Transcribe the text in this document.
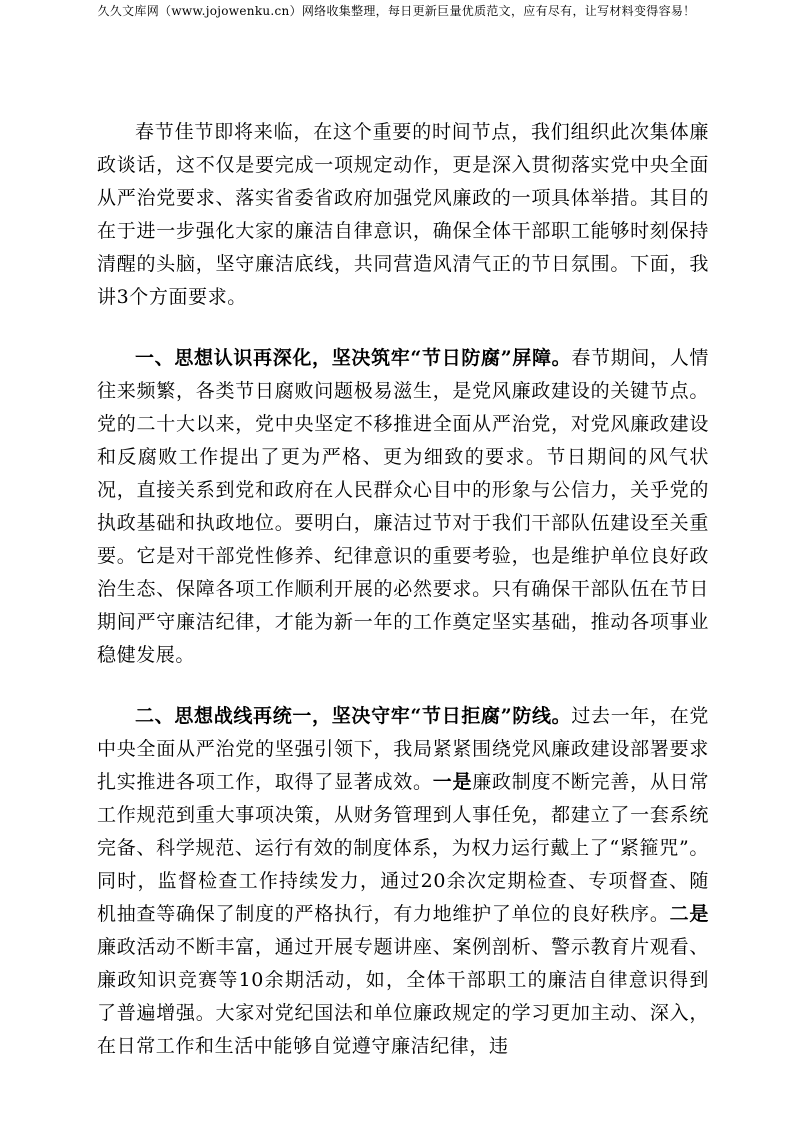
久久文库网（www.jojowenku.cn）网络收集整理，每日更新巨量优质范文，应有尽有，让写材料变得容易！

春节佳节即将来临，在这个重要的时间节点，我们组织此次集体廉政谈话，这不仅是要完成一项规定动作，更是深入贯彻落实党中央全面从严治党要求、落实省委省政府加强党风廉政的一项具体举措。其目的在于进一步强化大家的廉洁自律意识，确保全体干部职工能够时刻保持清醒的头脑，坚守廉洁底线，共同营造风清气正的节日氛围。下面，我讲3个方面要求。

一、思想认识再深化，坚决筑牢“节日防腐”屏障。春节期间，人情往来频繁，各类节日腐败问题极易滋生，是党风廉政建设的关键节点。党的二十大以来，党中央坚定不移推进全面从严治党，对党风廉政建设和反腐败工作提出了更为严格、更为细致的要求。节日期间的风气状况，直接关系到党和政府在人民群众心目中的形象与公信力，关乎党的执政基础和执政地位。要明白，廉洁过节对于我们干部队伍建设至关重要。它是对干部党性修养、纪律意识的重要考验，也是维护单位良好政治生态、保障各项工作顺利开展的必然要求。只有确保干部队伍在节日期间严守廉洁纪律，才能为新一年的工作奠定坚实基础，推动各项事业稳健发展。

二、思想战线再统一，坚决守牢“节日拒腐”防线。过去一年，在党中央全面从严治党的坚强引领下，我局紧紧围绕党风廉政建设部署要求扎实推进各项工作，取得了显著成效。一是廉政制度不断完善，从日常工作规范到重大事项决策，从财务管理到人事任免，都建立了一套系统完备、科学规范、运行有效的制度体系，为权力运行戴上了“紧箍咒”。同时，监督检查工作持续发力，通过20余次定期检查、专项督查、随机抽查等确保了制度的严格执行，有力地维护了单位的良好秩序。二是廉政活动不断丰富，通过开展专题讲座、案例剖析、警示教育片观看、廉政知识竞赛等10余期活动，如，全体干部职工的廉洁自律意识得到了普遍增强。大家对党纪国法和单位廉政规定的学习更加主动、深入，在日常工作和生活中能够自觉遵守廉洁纪律，违
